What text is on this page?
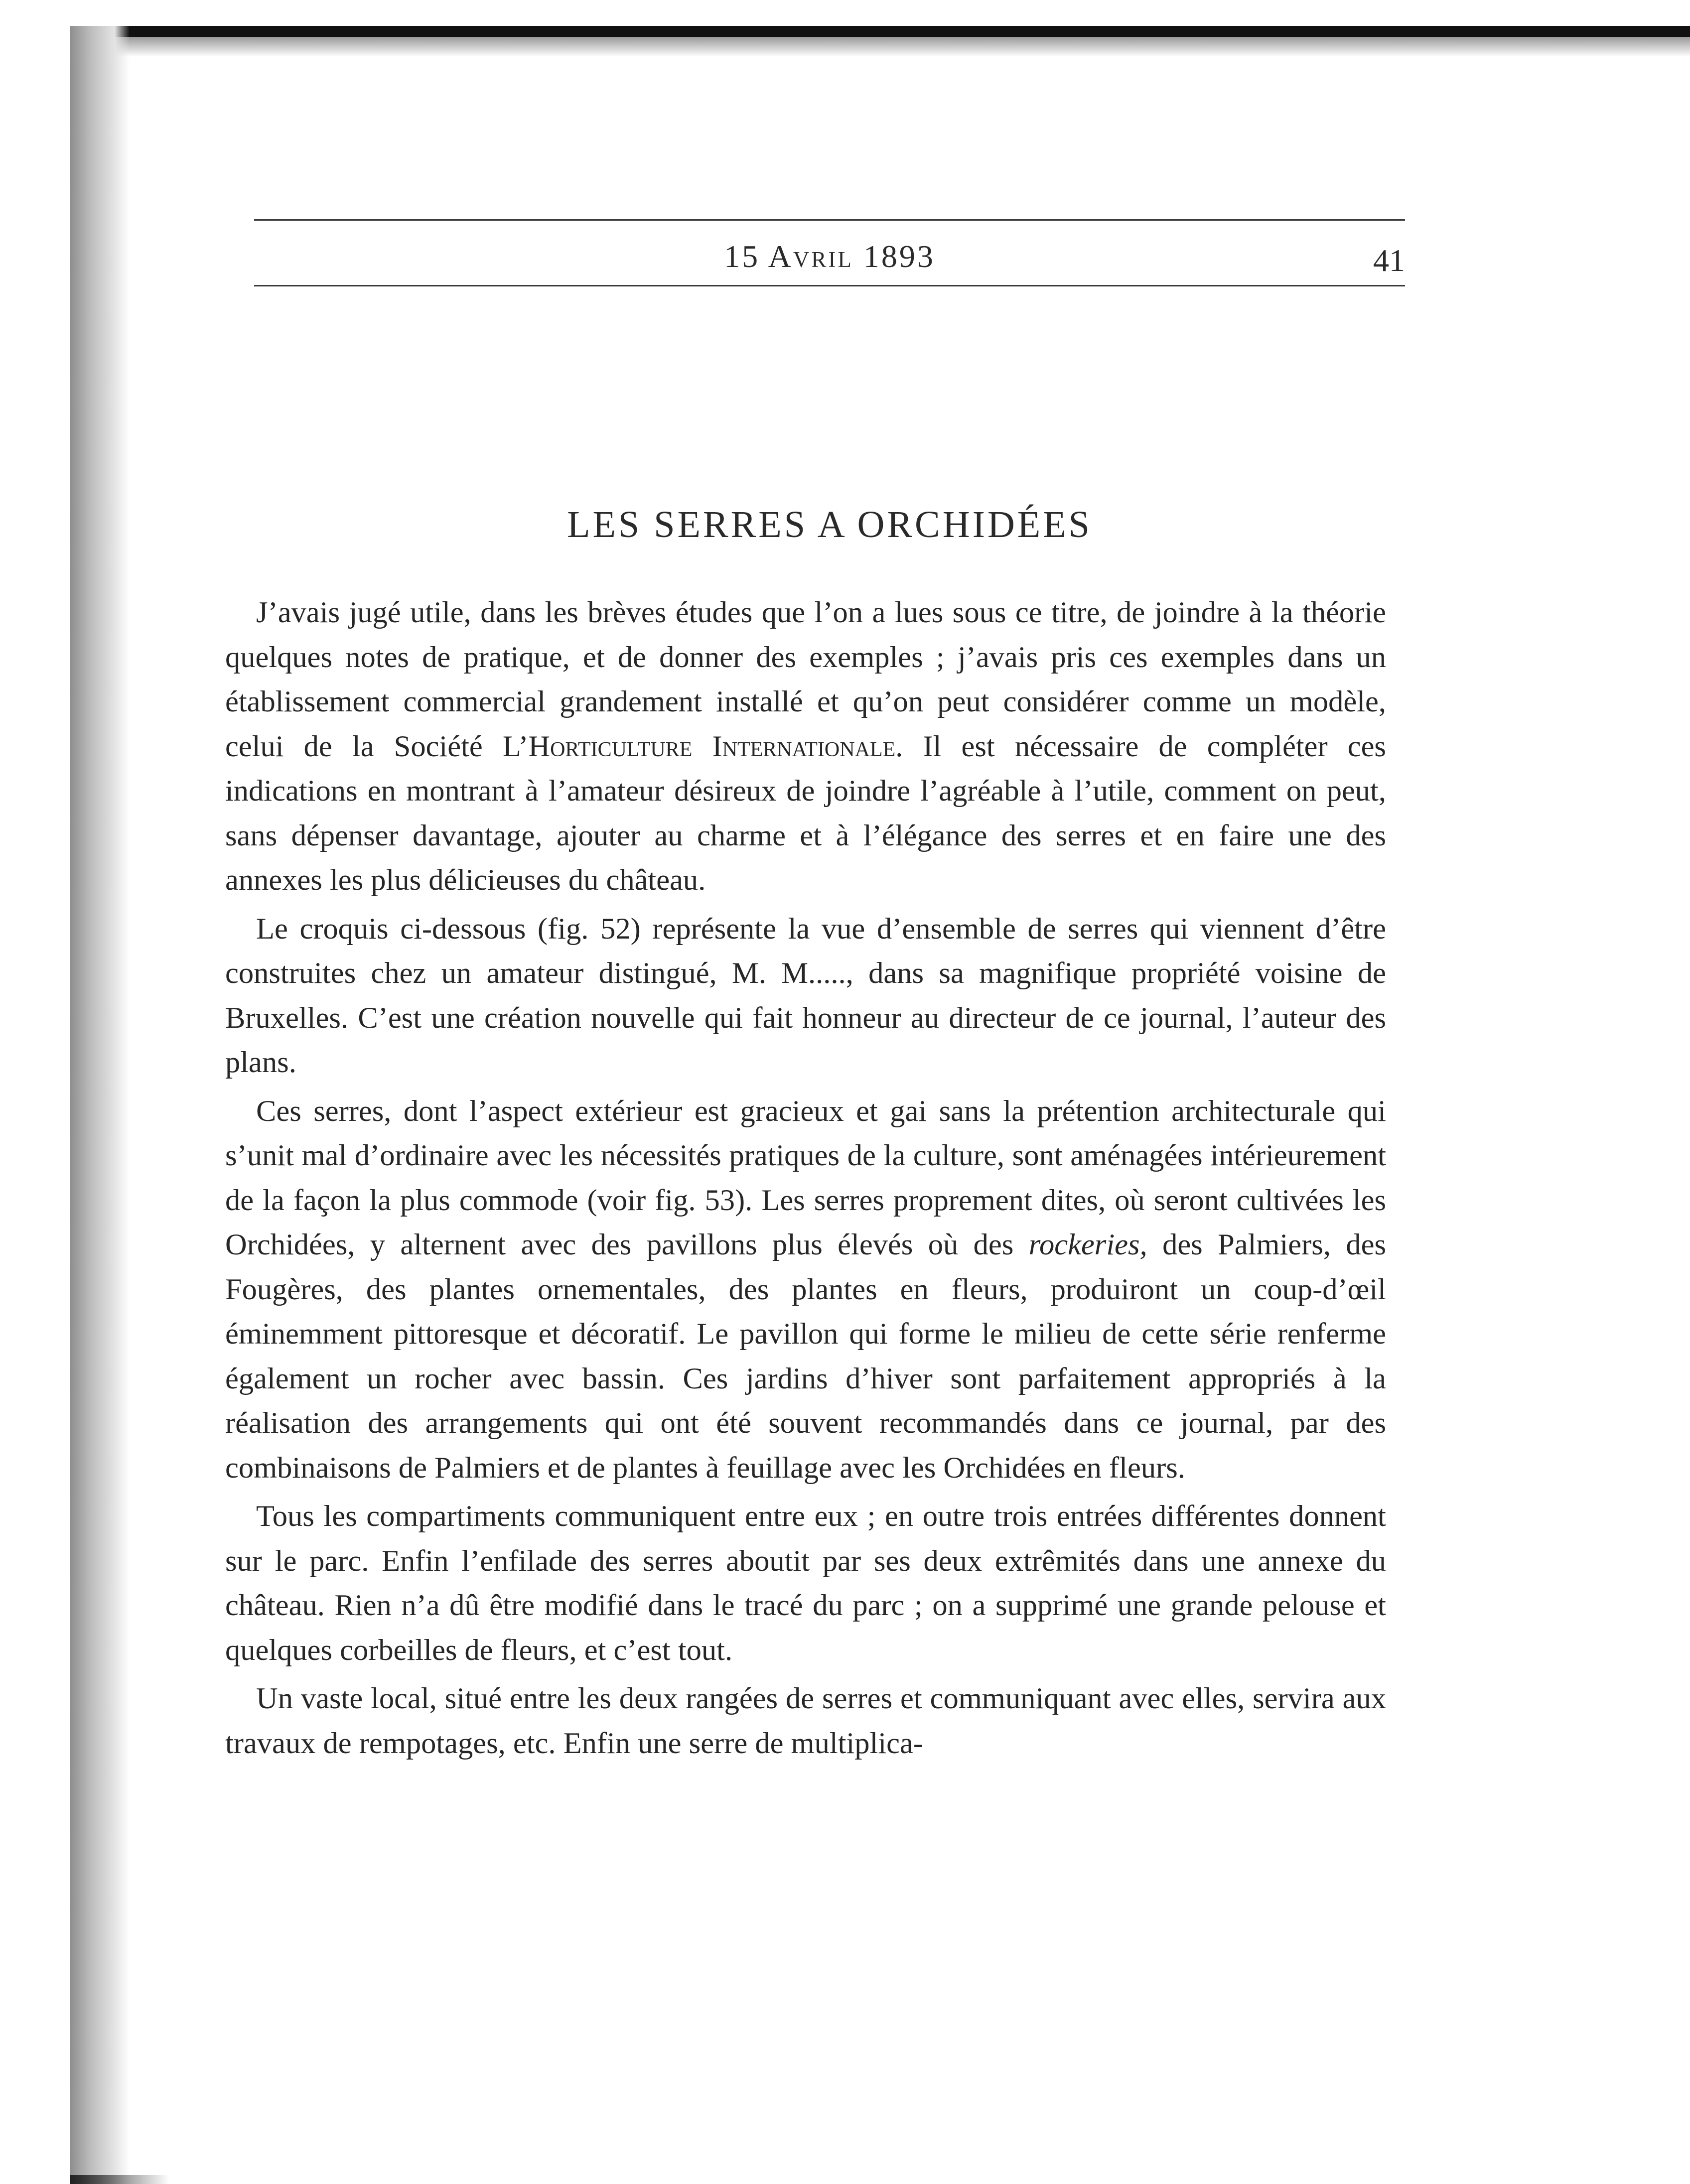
15 Avril 1893	41
LES SERRES A ORCHIDÉES

J’avais jugé utile, dans les brèves études que l’on a lues sous ce titre, de joindre à la théorie quelques notes de pratique, et de donner des exemples ; j’avais pris ces exemples dans un établissement commercial grandement installé et qu’on peut considérer comme un modèle, celui de la Société L’Horticulture Internationale. Il est nécessaire de compléter ces indications en montrant à l’amateur désireux de joindre l’agréable à l’utile, comment on peut, sans dépenser davantage, ajouter au charme et à l’élégance des serres et en faire une des annexes les plus délicieuses du château.

Le croquis ci-dessous (fig. 52) représente la vue d’ensemble de serres qui viennent d’être construites chez un amateur distingué, M. M....., dans sa magnifique propriété voisine de Bruxelles. C’est une création nouvelle qui fait honneur au directeur de ce journal, l’auteur des plans.

Ces serres, dont l’aspect extérieur est gracieux et gai sans la prétention architecturale qui s’unit mal d’ordinaire avec les nécessités pratiques de la culture, sont aménagées intérieurement de la façon la plus commode (voir fig. 53). Les serres proprement dites, où seront cultivées les Orchidées, y alternent avec des pavillons plus élevés où des rockeries, des Palmiers, des Fougères, des plantes ornementales, des plantes en fleurs, produiront un coup-d’œil éminemment pittoresque et décoratif. Le pavillon qui forme le milieu de cette série renferme également un rocher avec bassin. Ces jardins d’hiver sont parfaitement appropriés à la réalisation des arrangements qui ont été souvent recommandés dans ce journal, par des combinaisons de Palmiers et de plantes à feuillage avec les Orchidées en fleurs.

Tous les compartiments communiquent entre eux ; en outre trois entrées différentes donnent sur le parc. Enfin l’enfilade des serres aboutit par ses deux extrêmités dans une annexe du château. Rien n’a dû être modifié dans le tracé du parc ; on a supprimé une grande pelouse et quelques corbeilles de fleurs, et c’est tout.

Un vaste local, situé entre les deux rangées de serres et communiquant avec elles, servira aux travaux de rempotages, etc. Enfin une serre de multiplica-
